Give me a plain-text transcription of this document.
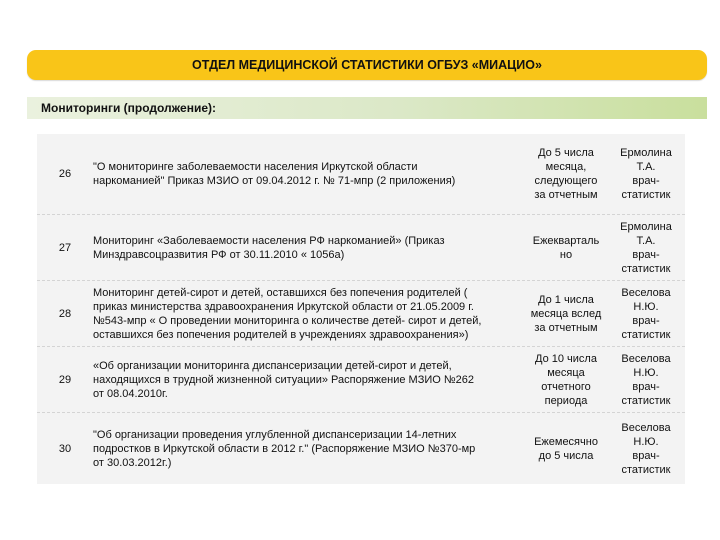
ОТДЕЛ МЕДИЦИНСКОЙ СТАТИСТИКИ ОГБУЗ «МИАЦИО»
Мониторинги (продолжение):
26
"О мониторинге заболеваемости населения Иркутской области
наркоманией" Приказ МЗИО от 09.04.2012 г. № 71-мпр (2 приложения)
До 5 числа
месяца,
следующего
за отчетным
Ермолина
Т.А.
врач-
статистик
27
Мониторинг «Заболеваемости населения РФ наркоманией» (Приказ
Минздравсоцразвития РФ от 30.11.2010 « 1056а)
Ежекварталь
но
Ермолина
Т.А.
врач-
статистик
28
Мониторинг детей-сирот и детей, оставшихся без попечения родителей (
приказ министерства здравоохранения Иркутской области от 21.05.2009 г.
№543-мпр « О проведении мониторинга о количестве детей- сирот и детей,
оставшихся без попечения родителей в учреждениях здравоохранения»)
До 1 числа
месяца вслед
за отчетным
Веселова
Н.Ю.
врач-
статистик
29
«Об организации мониторинга диспансеризации детей-сирот и детей,
находящихся в трудной жизненной ситуации» Распоряжение МЗИО №262
от 08.04.2010г.
До 10 числа
месяца
отчетного
периода
Веселова
Н.Ю.
врач-
статистик
30
"Об организации проведения углубленной диспансеризации 14-летних
подростков в Иркутской области в 2012 г." (Распоряжение МЗИО №370-мр
от 30.03.2012г.)
Ежемесячно
до 5 числа
Веселова
Н.Ю.
врач-
статистик
